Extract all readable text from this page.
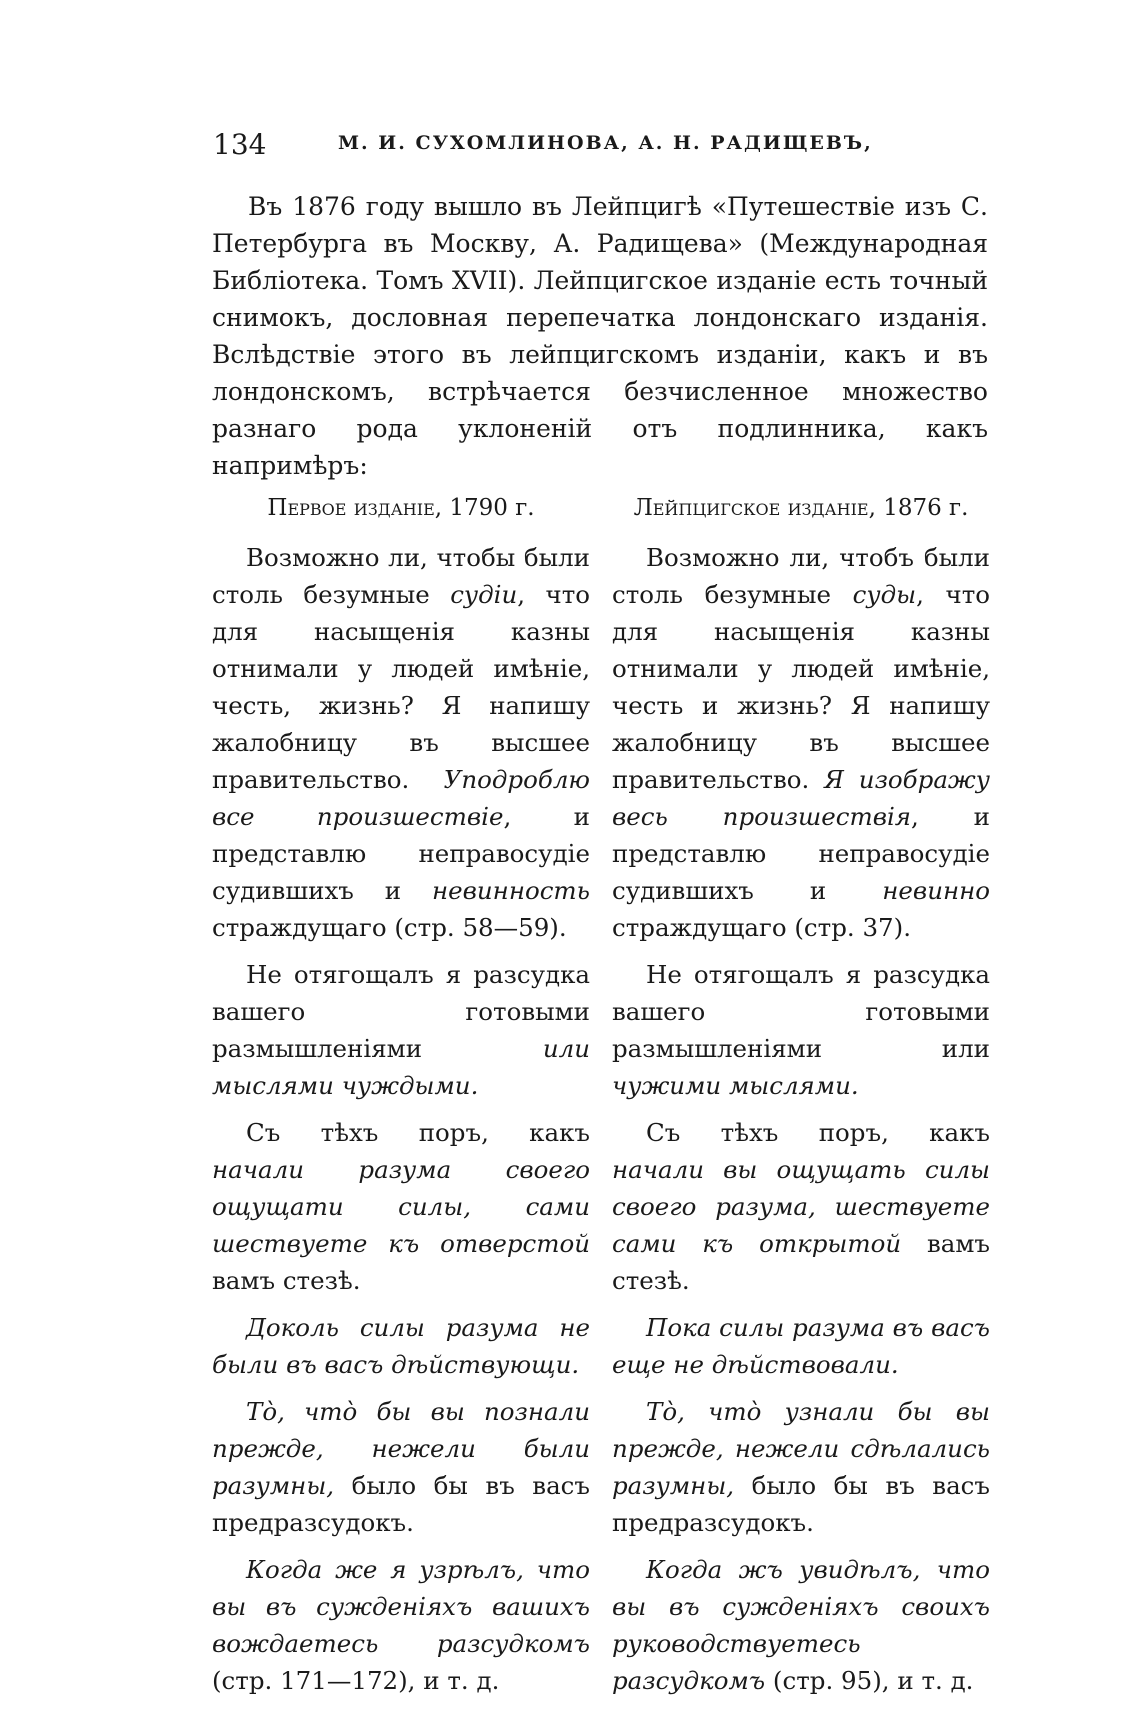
134	М. И. СУХОМЛИНОВА, А. Н. РАДИЩЕВЪ,

Въ 1876 году вышло въ Лейпцигѣ «Путешествіе изъ С. Петербурга въ Москву, А. Радищева» (Международная Библіотека. Томъ XVII). Лейпцигское изданіе есть точный снимокъ, дословная перепечатка лондонскаго изданія. Вслѣдствіе этого въ лейпцигскомъ изданіи, какъ и въ лондонскомъ, встрѣчается безчисленное множество разнаго рода уклоненій отъ подлинника, какъ напримѣръ:

Первое изданіе, 1790 г.

Возможно ли, чтобы были столь безумные судіи, что для насыщенія казны отнимали у людей имѣніе, честь, жизнь? Я напишу жалобницу въ высшее правительство. Уподроблю все произшествіе, и представлю неправосудіе судившихъ и невинность страждущаго (стр. 58—59).

Не отягощалъ я разсудка вашего готовыми размышленіями или мыслями чуждыми.

Съ тѣхъ поръ, какъ начали разума своего ощущати силы, сами шествуете къ отверстой вамъ стезѣ.

Доколь силы разума не были въ васъ дѣйствующи.

Тò, чтò бы вы познали прежде, нежели были разумны, было бы въ васъ предразсудокъ.

Когда же я узрѣлъ, что вы въ сужденіяхъ вашихъ вождаетесь разсудкомъ (стр. 171—172), и т. д.

Лейпцигское изданіе, 1876 г.

Возможно ли, чтобъ были столь безумные суды, что для насыщенія казны отнимали у людей имѣніе, честь и жизнь? Я напишу жалобницу въ высшее правительство. Я изображу весь произшествія, и представлю неправосудіе судившихъ и невинно страждущаго (стр. 37).

Не отягощалъ я разсудка вашего готовыми размышленіями или чужими мыслями.

Съ тѣхъ поръ, какъ начали вы ощущать силы своего разума, шествуете сами къ открытой вамъ стезѣ.

Пока силы разума въ васъ еще не дѣйствовали.

Тò, чтò узнали бы вы прежде, нежели сдѣлались разумны, было бы въ васъ предразсудокъ.

Когда жъ увидѣлъ, что вы въ сужденіяхъ своихъ руководствуетесь разсудкомъ (стр. 95), и т. д.
